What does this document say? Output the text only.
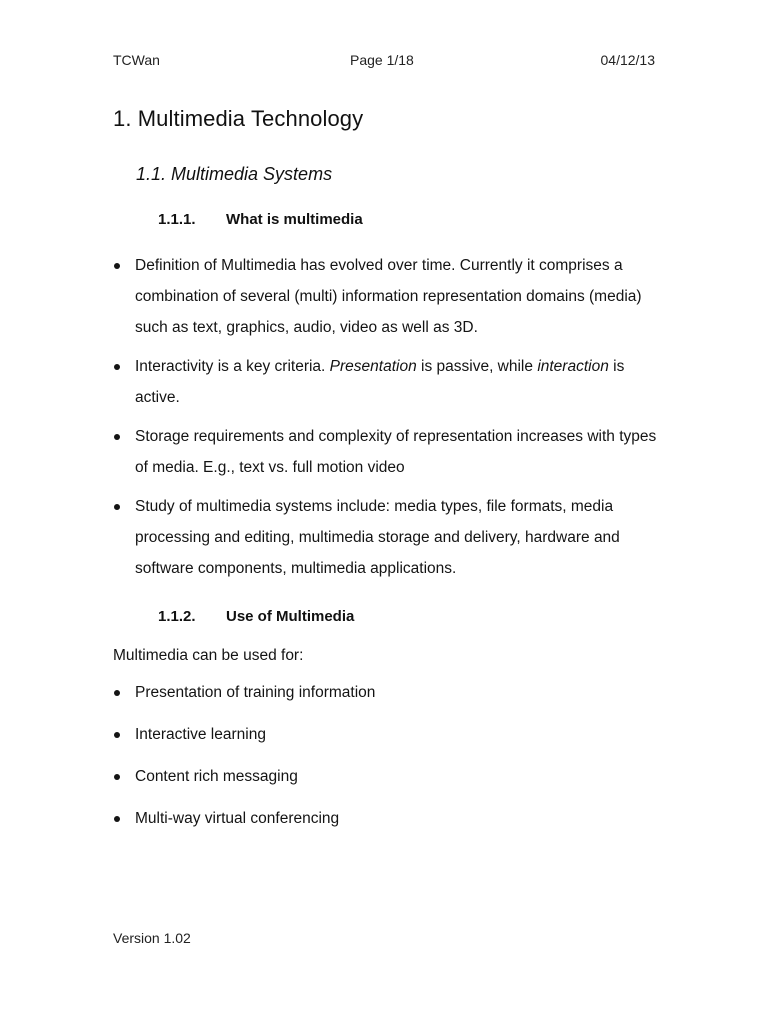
TCWan	Page 1/18	04/12/13
1. Multimedia Technology
1.1. Multimedia Systems
1.1.1. What is multimedia
Definition of Multimedia has evolved over time. Currently it comprises a combination of several (multi) information representation domains (media) such as text, graphics, audio, video as well as 3D.
Interactivity is a key criteria. Presentation is passive, while interaction is active.
Storage requirements and complexity of representation increases with types of media. E.g., text vs. full motion video
Study of multimedia systems include: media types, file formats, media processing and editing, multimedia storage and delivery, hardware and software components, multimedia applications.
1.1.2. Use of Multimedia

Multimedia can be used for:

Presentation of training information
Interactive learning
Content rich messaging
Multi-way virtual conferencing
Version 1.02
